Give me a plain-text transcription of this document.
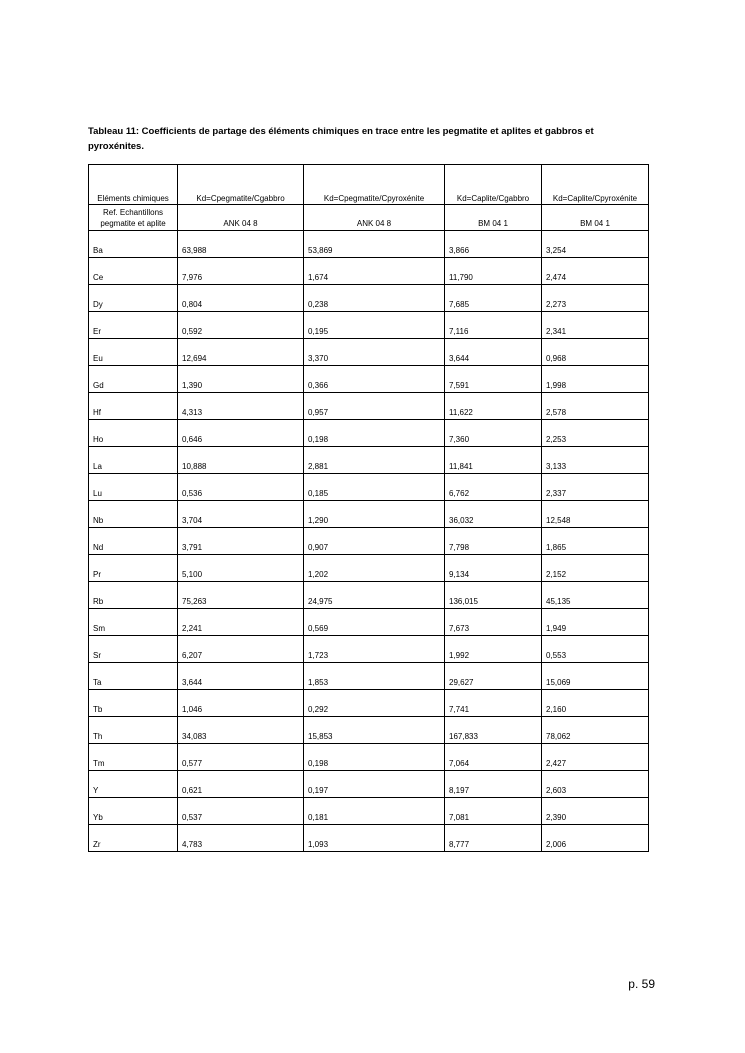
Tableau 11: Coefficients de partage des éléments chimiques en trace entre les pegmatite et aplites et gabbros et
pyroxénites.
Eléments chimiques	Kd=Cpegmatite/Cgabbro	Kd=Cpegmatite/Cpyroxénite	Kd=Caplite/Cgabbro	Kd=Caplite/Cpyroxénite

Ref. Echantillons
pegmatite et aplite	ANK 04 8	ANK 04 8	BM 04 1	BM 04 1
Ba	63,988	53,869	3,866	3,254
Ce	7,976	1,674	11,790	2,474
Dy	0,804	0,238	7,685	2,273
Er	0,592	0,195	7,116	2,341
Eu	12,694	3,370	3,644	0,968
Gd	1,390	0,366	7,591	1,998
Hf	4,313	0,957	11,622	2,578
Ho	0,646	0,198	7,360	2,253
La	10,888	2,881	11,841	3,133
Lu	0,536	0,185	6,762	2,337
Nb	3,704	1,290	36,032	12,548
Nd	3,791	0,907	7,798	1,865
Pr	5,100	1,202	9,134	2,152
Rb	75,263	24,975	136,015	45,135
Sm	2,241	0,569	7,673	1,949
Sr	6,207	1,723	1,992	0,553
Ta	3,644	1,853	29,627	15,069
Tb	1,046	0,292	7,741	2,160
Th	34,083	15,853	167,833	78,062
Tm	0,577	0,198	7,064	2,427
Y	0,621	0,197	8,197	2,603
Yb	0,537	0,181	7,081	2,390
Zr	4,783	1,093	8,777	2,006
p. 59
